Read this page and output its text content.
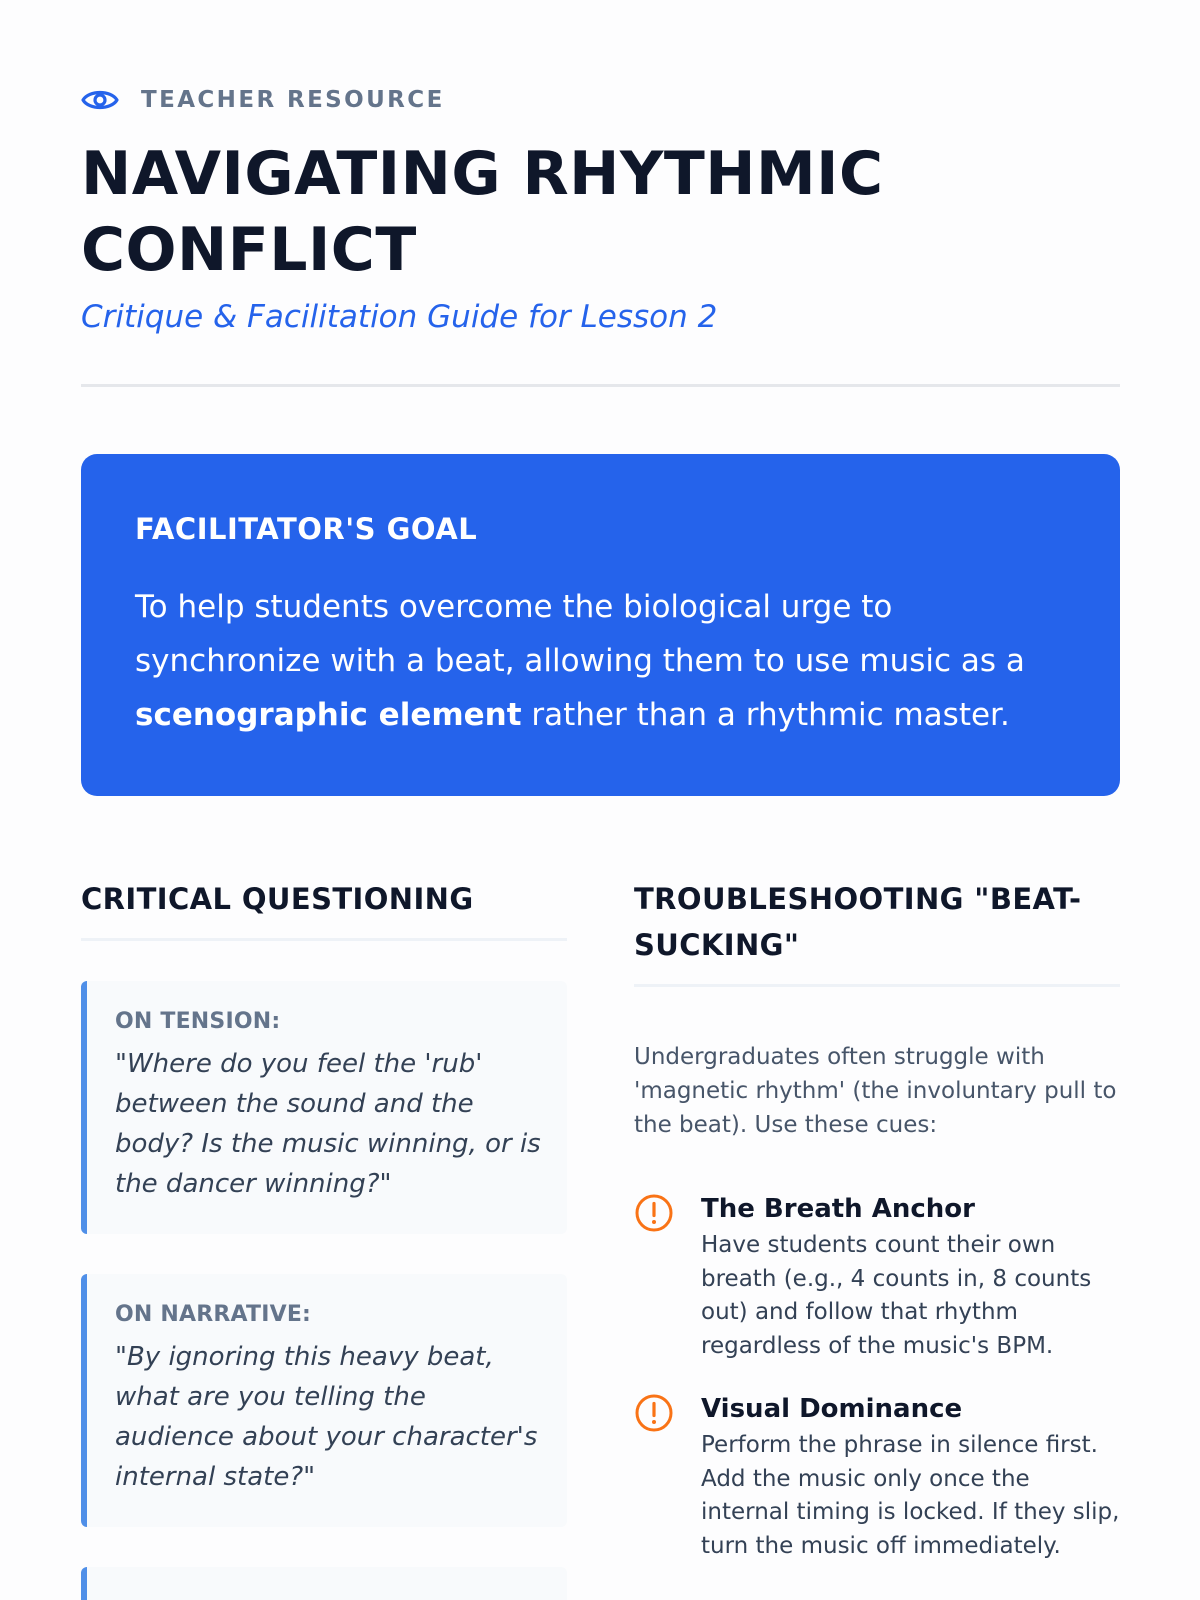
TEACHER RESOURCE
NAVIGATING RHYTHMIC CONFLICT
Critique & Facilitation Guide for Lesson 2
FACILITATOR'S GOAL

To help students overcome the biological urge to synchronize with a beat, allowing them to use music as a scenographic element rather than a rhythmic master.

CRITICAL QUESTIONING
ON TENSION:
"Where do you feel the 'rub' between the sound and the body? Is the music winning, or is the dancer winning?"
ON NARRATIVE:
"By ignoring this heavy beat, what are you telling the audience about your character's internal state?"
TROUBLESHOOTING "BEAT-SUCKING"

Undergraduates often struggle with 'magnetic rhythm' (the involuntary pull to the beat). Use these cues:

The Breath Anchor
Have students count their own breath (e.g., 4 counts in, 8 counts out) and follow that rhythm regardless of the music's BPM.
Visual Dominance
Perform the phrase in silence first. Add the music only once the internal timing is locked. If they slip, turn the music off immediately.
